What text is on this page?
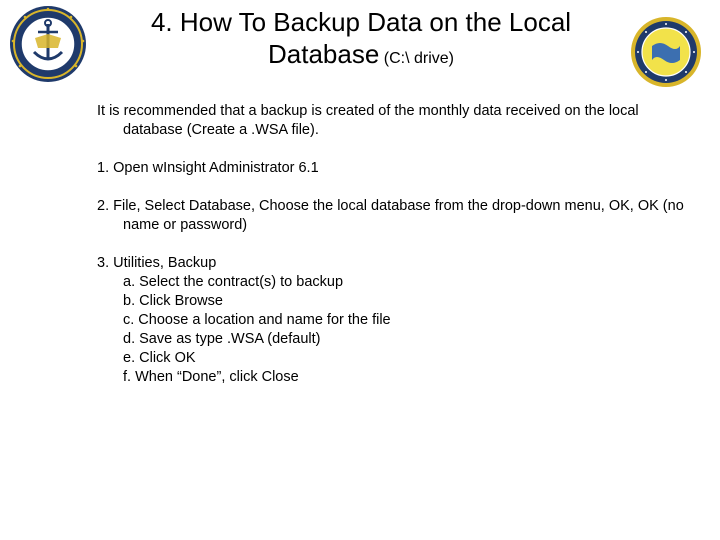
4. How To Backup Data on the Local
Database (C:\ drive)

It is recommended that a backup is created of the monthly data received on the local database (Create a .WSA file).

1. Open wInsight Administrator 6.1

2. File, Select Database, Choose the local database from the drop-down menu, OK, OK (no name or password)

3. Utilities, Backup

a. Select the contract(s) to backup

b. Click Browse

c. Choose a location and name for the file

d. Save as type .WSA (default)

e. Click OK

f. When “Done”, click Close
